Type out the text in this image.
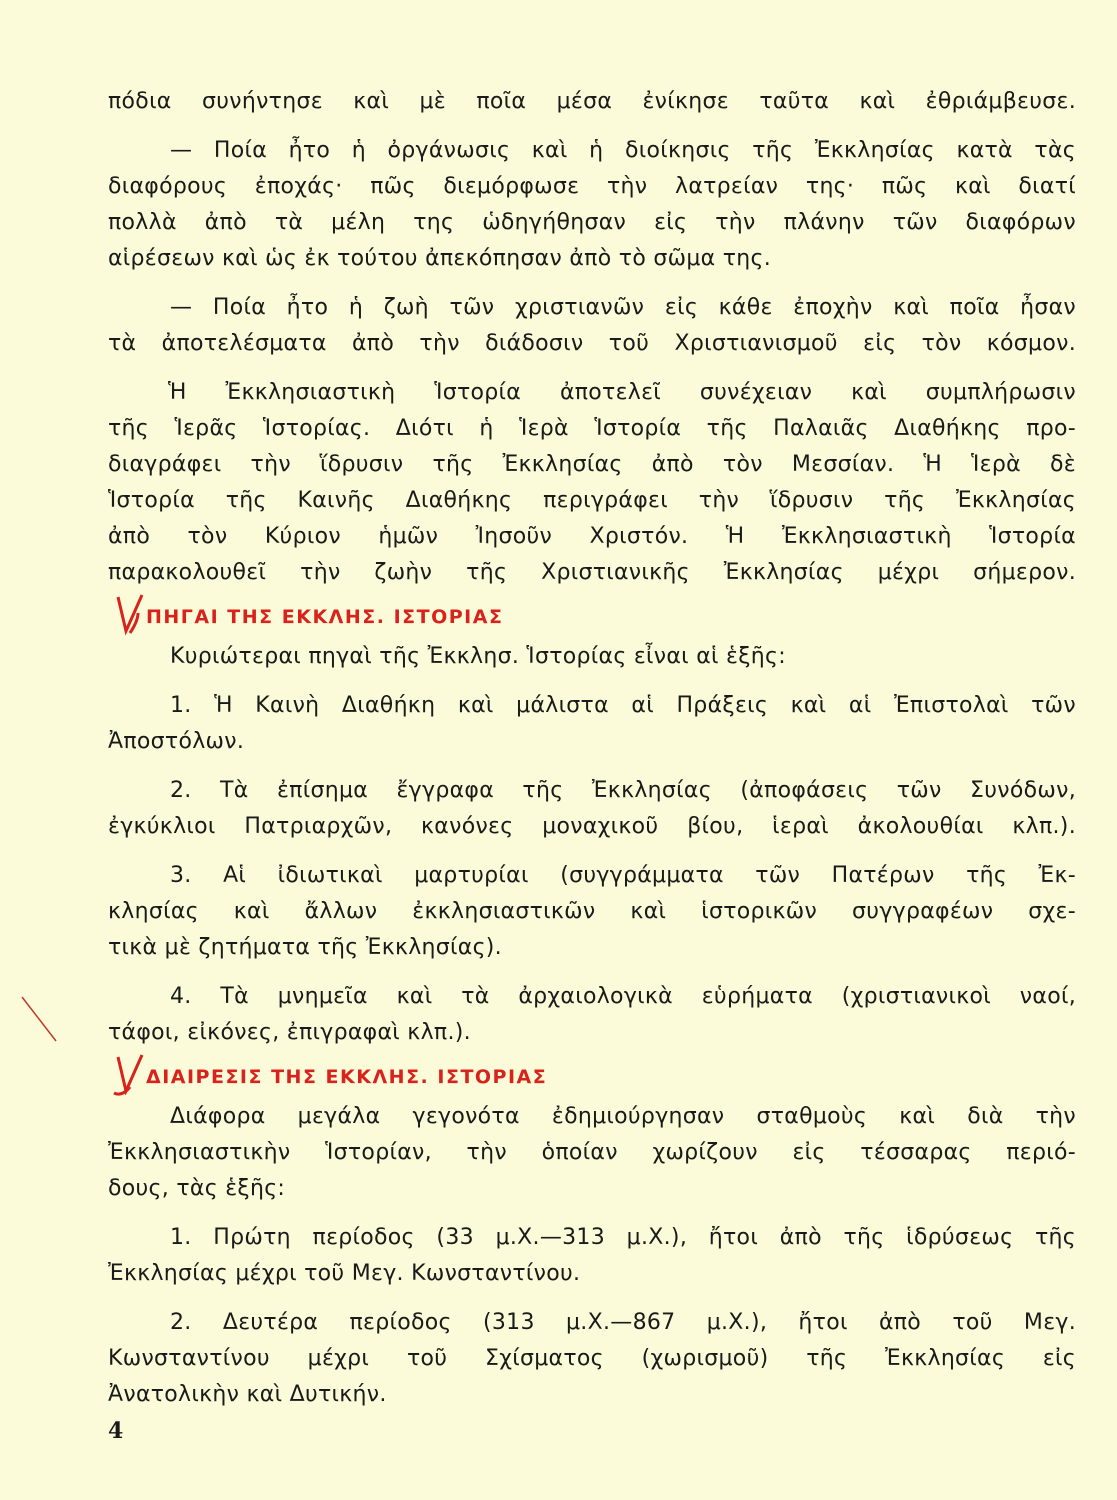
πόδια συνήντησε καὶ μὲ ποῖα μέσα ἐνίκησε ταῦτα καὶ ἐθριάμβευσε.
— Ποία ἦτο ἡ ὀργάνωσις καὶ ἡ διοίκησις τῆς Ἐκκλησίας κατὰ τὰς
διαφόρους ἐποχάς· πῶς διεμόρφωσε τὴν λατρείαν της· πῶς καὶ διατί
πολλὰ ἀπὸ τὰ μέλη της ὡδηγήθησαν εἰς τὴν πλάνην τῶν διαφόρων
αἱρέσεων καὶ ὡς ἐκ τούτου ἀπεκόπησαν ἀπὸ τὸ σῶμα της.
— Ποία ἦτο ἡ ζωὴ τῶν χριστιανῶν εἰς κάθε ἐποχὴν καὶ ποῖα ἦσαν
τὰ ἀποτελέσματα ἀπὸ τὴν διάδοσιν τοῦ Χριστιανισμοῦ εἰς τὸν κόσμον.
Ἡ Ἐκκλησιαστικὴ Ἱστορία ἀποτελεῖ συνέχειαν καὶ συμπλήρωσιν
τῆς Ἱερᾶς Ἱστορίας. Διότι ἡ Ἱερὰ Ἱστορία τῆς Παλαιᾶς Διαθήκης προ-
διαγράφει τὴν ἵδρυσιν τῆς Ἐκκλησίας ἀπὸ τὸν Μεσσίαν. Ἡ Ἱερὰ δὲ
Ἱστορία τῆς Καινῆς Διαθήκης περιγράφει τὴν ἵδρυσιν τῆς Ἐκκλησίας
ἀπὸ τὸν Κύριον ἡμῶν Ἰησοῦν Χριστόν. Ἡ Ἐκκλησιαστικὴ Ἱστορία
παρακολουθεῖ τὴν ζωὴν τῆς Χριστιανικῆς Ἐκκλησίας μέχρι σήμερον.
ΠΗΓΑΙ ΤΗΣ ΕΚΚΛΗΣ. ΙΣΤΟΡΙΑΣ
Κυριώτεραι πηγαὶ τῆς Ἐκκλησ. Ἱστορίας εἶναι αἱ ἑξῆς:
1. Ἡ Καινὴ Διαθήκη καὶ μάλιστα αἱ Πράξεις καὶ αἱ Ἐπιστολαὶ τῶν
Ἀποστόλων.
2. Τὰ ἐπίσημα ἔγγραφα τῆς Ἐκκλησίας (ἀποφάσεις τῶν Συνόδων,
ἐγκύκλιοι Πατριαρχῶν, κανόνες μοναχικοῦ βίου, ἱεραὶ ἀκολουθίαι κλπ.).
3. Αἱ ἰδιωτικαὶ μαρτυρίαι (συγγράμματα τῶν Πατέρων τῆς Ἐκ-
κλησίας καὶ ἄλλων ἐκκλησιαστικῶν καὶ ἱστορικῶν συγγραφέων σχε-
τικὰ μὲ ζητήματα τῆς Ἐκκλησίας).
4. Τὰ μνημεῖα καὶ τὰ ἀρχαιολογικὰ εὑρήματα (χριστιανικοὶ ναοί,
τάφοι, εἰκόνες, ἐπιγραφαὶ κλπ.).
ΔΙΑΙΡΕΣΙΣ ΤΗΣ ΕΚΚΛΗΣ. ΙΣΤΟΡΙΑΣ
Διάφορα μεγάλα γεγονότα ἐδημιούργησαν σταθμοὺς καὶ διὰ τὴν
Ἐκκλησιαστικὴν Ἱστορίαν, τὴν ὁποίαν χωρίζουν εἰς τέσσαρας περιό-
δους, τὰς ἑξῆς:
1. Πρώτη περίοδος (33 μ.Χ.—313 μ.Χ.), ἤτοι ἀπὸ τῆς ἱδρύσεως τῆς
Ἐκκλησίας μέχρι τοῦ Μεγ. Κωνσταντίνου.
2. Δευτέρα περίοδος (313 μ.Χ.—867 μ.Χ.), ἤτοι ἀπὸ τοῦ Μεγ.
Κωνσταντίνου μέχρι τοῦ Σχίσματος (χωρισμοῦ) τῆς Ἐκκλησίας εἰς
Ἀνατολικὴν καὶ Δυτικήν.
4
